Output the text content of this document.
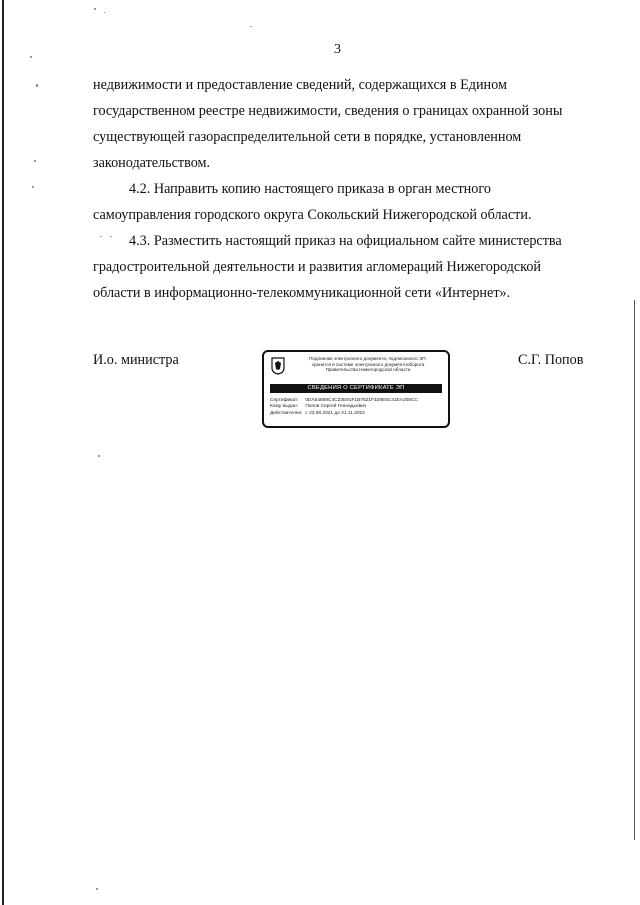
3

недвижимости и предоставление сведений, содержащихся в Едином

государственном реестре недвижимости, сведения о границах охранной зоны

существующей газораспределительной сети в порядке, установленном

законодательством.

4.2. Направить копию настоящего приказа в орган местного

самоуправления городского округа Сокольский Нижегородской области.

4.3. Разместить настоящий приказ на официальном сайте министерства

градостроительной деятельности и развития агломераций Нижегородской

области в информационно-телекоммуникационной сети «Интернет».

И.о. министра	С.Г. Попов
Подлинник электронного документа, подписанного ЭП,
хранится в системе электронного документооборота
Правительства Нижегородской области
СВЕДЕНИЯ О СЕРТИФИКАТЕ ЭП
Сертификат: 0DA54859C4C23E91F1B7621F328E5C41EA205CC
Кому выдан: Попов Сергей Геннадьевич
Действителен: с 23.08.2021 до 21.11.2022
